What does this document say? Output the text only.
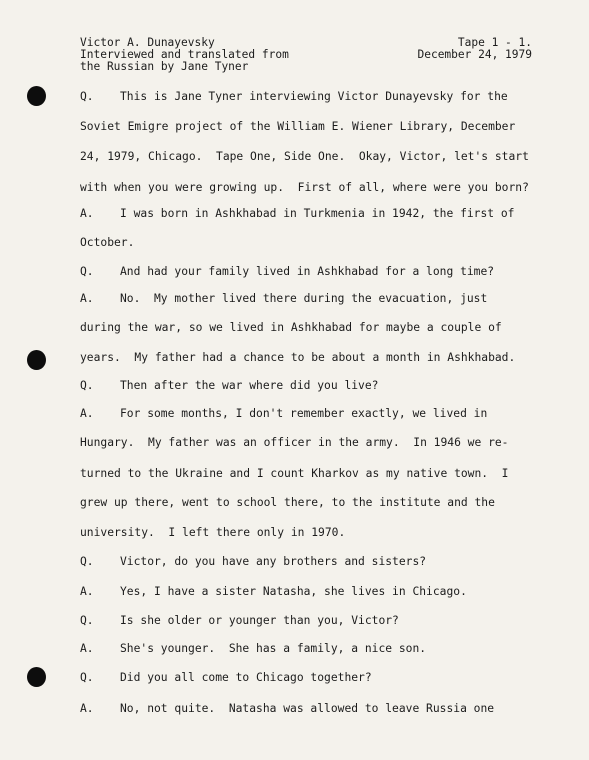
Victor A. Dunayevsky
Interviewed and translated from
the Russian by Jane Tyner
Tape 1 - 1.
December 24, 1979
Q. This is Jane Tyner interviewing Victor Dunayevsky for the
Soviet Emigre project of the William E. Wiener Library, December
24, 1979, Chicago.  Tape One, Side One.  Okay, Victor, let's start
with when you were growing up.  First of all, where were you born?
A. I was born in Ashkhabad in Turkmenia in 1942, the first of
October.
Q. And had your family lived in Ashkhabad for a long time?
A. No.  My mother lived there during the evacuation, just
during the war, so we lived in Ashkhabad for maybe a couple of
years.  My father had a chance to be about a month in Ashkhabad.
Q. Then after the war where did you live?
A. For some months, I don't remember exactly, we lived in
Hungary.  My father was an officer in the army.  In 1946 we re-
turned to the Ukraine and I count Kharkov as my native town.  I
grew up there, went to school there, to the institute and the
university.  I left there only in 1970.
Q. Victor, do you have any brothers and sisters?
A. Yes, I have a sister Natasha, she lives in Chicago.
Q. Is she older or younger than you, Victor?
A. She's younger.  She has a family, a nice son.
Q. Did you all come to Chicago together?
A. No, not quite.  Natasha was allowed to leave Russia one
